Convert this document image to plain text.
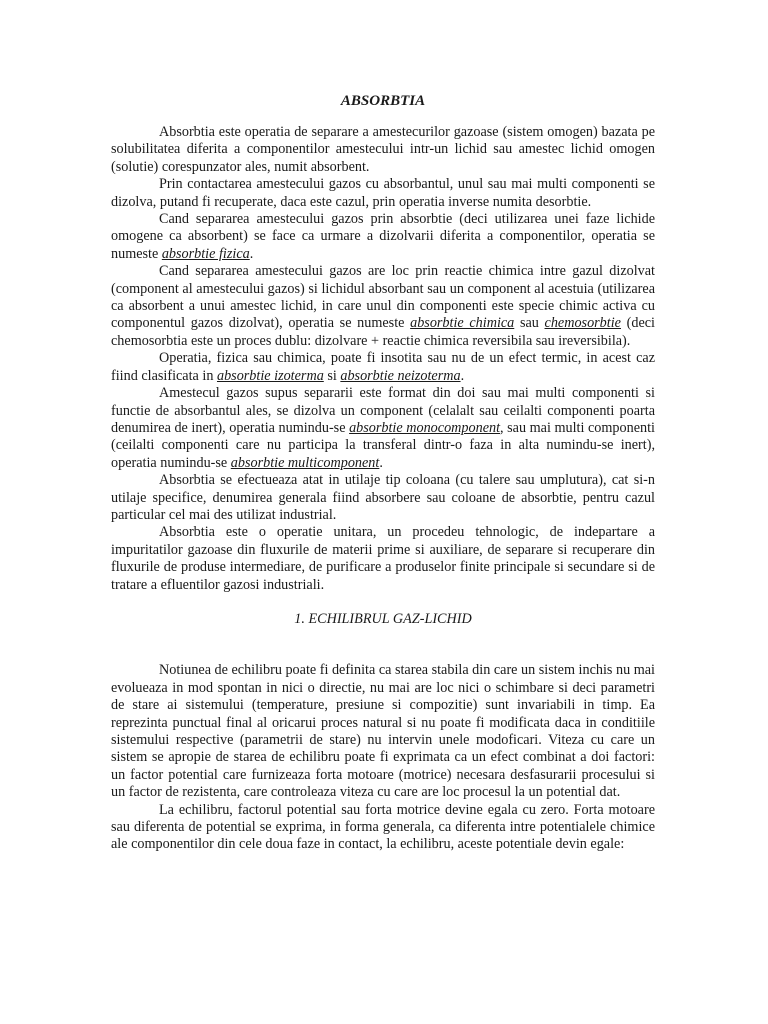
ABSORBTIA

Absorbtia este operatia de separare a amestecurilor gazoase (sistem omogen) bazata pe solubilitatea diferita a componentilor amestecului intr-un lichid sau amestec lichid omogen (solutie) corespunzator ales, numit absorbent.

Prin contactarea amestecului gazos cu absorbantul, unul sau mai multi componenti se dizolva, putand fi recuperate, daca este cazul, prin operatia inverse numita desorbtie.

Cand separarea amestecului gazos prin absorbtie (deci utilizarea unei faze lichide omogene ca absorbent) se face ca urmare a dizolvarii diferita a componentilor, operatia se numeste absorbtie fizica.

Cand separarea amestecului gazos are loc prin reactie chimica intre gazul dizolvat (component al amestecului gazos) si lichidul absorbant sau un component al acestuia (utilizarea ca absorbent a unui amestec lichid, in care unul din componenti este specie chimic activa cu componentul gazos dizolvat), operatia se numeste absorbtie chimica sau chemosorbtie (deci chemosorbtia este un proces dublu: dizolvare + reactie chimica reversibila sau ireversibila).

Operatia, fizica sau chimica, poate fi insotita sau nu de un efect termic, in acest caz fiind clasificata in absorbtie izoterma si absorbtie neizoterma.

Amestecul gazos supus separarii este format din doi sau mai multi componenti si functie de absorbantul ales, se dizolva un component (celalalt sau ceilalti componenti poarta denumirea de inert), operatia numindu-se absorbtie monocomponent, sau mai multi componenti (ceilalti componenti care nu participa la transferal dintr-o faza in alta numindu-se inert), operatia numindu-se absorbtie multicomponent.

Absorbtia se efectueaza atat in utilaje tip coloana (cu talere sau umplutura), cat si-n utilaje specifice, denumirea generala fiind absorbere sau coloane de absorbtie, pentru cazul particular cel mai des utilizat industrial.

Absorbtia este o operatie unitara, un procedeu tehnologic, de indepartare a impuritatilor gazoase din fluxurile de materii prime si auxiliare, de separare si recuperare din fluxurile de produse intermediare, de purificare a produselor finite principale si secundare si de tratare a efluentilor gazosi industriali.

1. ECHILIBRUL GAZ-LICHID

Notiunea de echilibru poate fi definita ca starea stabila din care un sistem inchis nu mai evolueaza in mod spontan in nici o directie, nu mai are loc nici o schimbare si deci parametri de stare ai sistemului (temperature, presiune si compozitie) sunt invariabili in timp. Ea reprezinta punctual final al oricarui proces natural si nu poate fi modificata daca in conditiile sistemului respective (parametrii de stare) nu intervin unele modoficari. Viteza cu care un sistem se apropie de starea de echilibru poate fi exprimata ca un efect combinat a doi factori: un factor potential care furnizeaza forta motoare (motrice) necesara desfasurarii procesului si un factor de rezistenta, care controleaza viteza cu care are loc procesul la un potential dat.

La echilibru, factorul potential sau forta motrice devine egala cu zero. Forta motoare sau diferenta de potential se exprima, in forma generala, ca diferenta intre potentialele chimice ale componentilor din cele doua faze in contact, la echilibru, aceste potentiale devin egale:
